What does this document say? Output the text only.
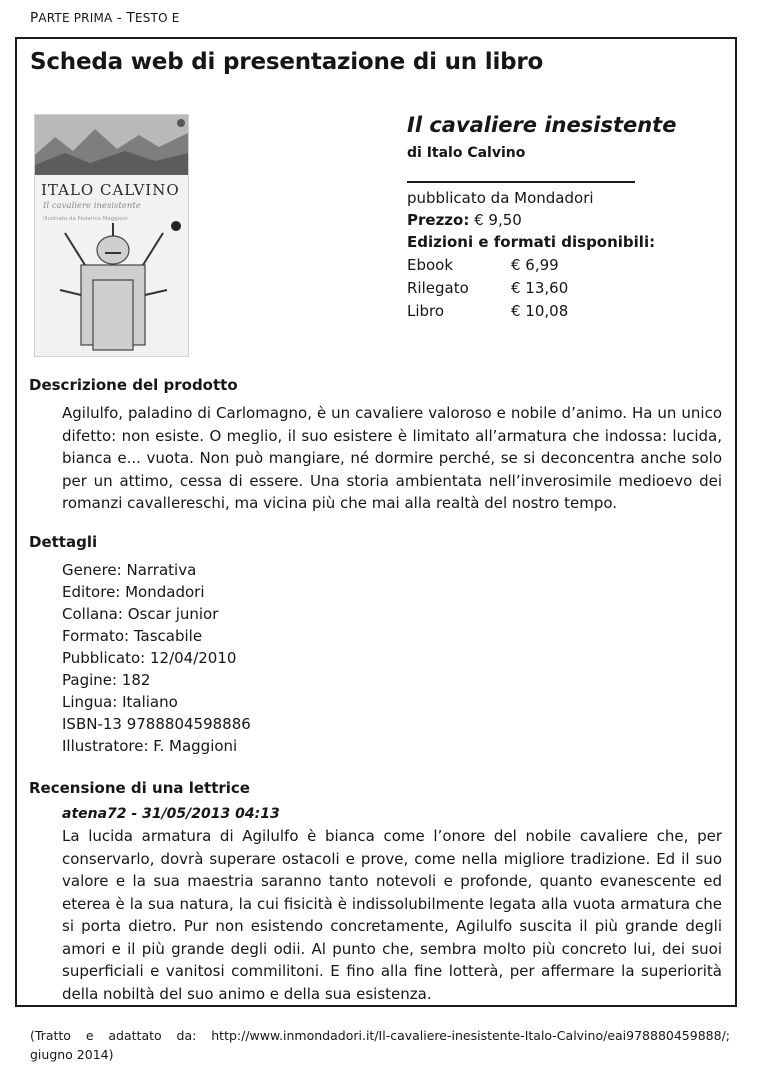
PARTE PRIMA - TESTO E
Scheda web di presentazione di un libro
ITALO CALVINO
Il cavaliere inesistente
illustrato da Federico Maggioni
Il cavaliere inesistente
di Italo Calvino
pubblicato da Mondadori
Prezzo: € 9,50
Edizioni e formati disponibili:
Ebook	€ 6,99
Rilegato	€ 13,60
Libro	€ 10,08
Descrizione del prodotto
Agilulfo, paladino di Carlomagno, è un cavaliere valoroso e nobile d’animo. Ha un unico difetto: non esiste. O meglio, il suo esistere è limitato all’armatura che indossa: lucida, bianca e... vuota. Non può mangiare, né dormire perché, se si deconcentra anche solo per un attimo, cessa di essere. Una storia ambientata nell’inverosimile medioevo dei romanzi cavallereschi, ma vicina più che mai alla realtà del nostro tempo.
Dettagli
Genere: Narrativa
Editore: Mondadori
Collana: Oscar junior
Formato: Tascabile
Pubblicato: 12/04/2010
Pagine: 182
Lingua: Italiano
ISBN-13 9788804598886
Illustratore: F. Maggioni
Recensione di una lettrice
atena72 - 31/05/2013 04:13
La lucida armatura di Agilulfo è bianca come l’onore del nobile cavaliere che, per conservarlo, dovrà superare ostacoli e prove, come nella migliore tradizione. Ed il suo valore e la sua maestria saranno tanto notevoli e profonde, quanto evanescente ed eterea è la sua natura, la cui fisicità è indissolubilmente legata alla vuota armatura che si porta dietro. Pur non esistendo concretamente, Agilulfo suscita il più grande degli amori e il più grande degli odii. Al punto che, sembra molto più concreto lui, dei suoi superficiali e vanitosi commilitoni. E fino alla fine lotterà, per affermare la superiorità della nobiltà del suo animo e della sua esistenza.
(Tratto e adattato da: http://www.inmondadori.it/Il-cavaliere-inesistente-Italo-Calvino/eai978880459888/; giugno 2014)
